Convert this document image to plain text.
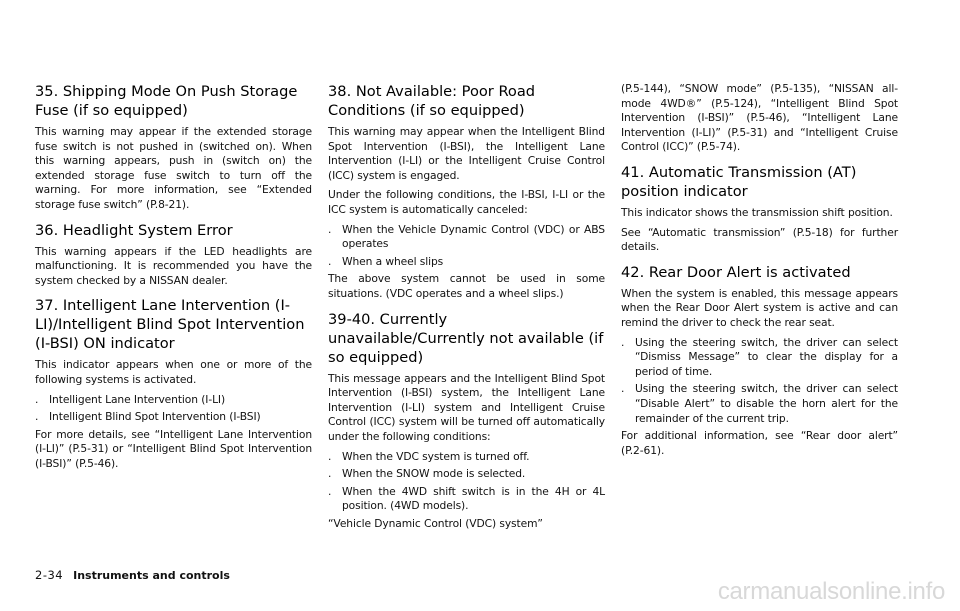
35. Shipping Mode On Push Storage Fuse (if so equipped)

This warning may appear if the extended storage fuse switch is not pushed in (switched on). When this warning appears, push in (switch on) the extended storage fuse switch to turn off the warning. For more information, see “Extended storage fuse switch” (P.8-21).

36. Headlight System Error

This warning appears if the LED headlights are malfunctioning. It is recommended you have the system checked by a NISSAN dealer.

37. Intelligent Lane Intervention (I-LI)/Intelligent Blind Spot Intervention (I-BSI) ON indicator

This indicator appears when one or more of the following systems is activated.

. Intelligent Lane Intervention (I-LI)

. Intelligent Blind Spot Intervention (I-BSI)

For more details, see “Intelligent Lane Intervention (I-LI)” (P.5-31) or “Intelligent Blind Spot Intervention (I-BSI)” (P.5-46).

38. Not Available: Poor Road Conditions (if so equipped)

This warning may appear when the Intelligent Blind Spot Intervention (I-BSI), the Intelligent Lane Intervention (I-LI) or the Intelligent Cruise Control (ICC) system is engaged.

Under the following conditions, the I-BSI, I-LI or the ICC system is automatically canceled:

. When the Vehicle Dynamic Control (VDC) or ABS operates

. When a wheel slips

The above system cannot be used in some situations. (VDC operates and a wheel slips.)

39-40. Currently unavailable/Currently not available (if so equipped)

This message appears and the Intelligent Blind Spot Intervention (I-BSI) system, the Intelligent Lane Intervention (I-LI) system and Intelligent Cruise Control (ICC) system will be turned off automatically under the following conditions:

. When the VDC system is turned off.

. When the SNOW mode is selected.

. When the 4WD shift switch is in the 4H or 4L position. (4WD models).

“Vehicle Dynamic Control (VDC) system”

(P.5-144), “SNOW mode” (P.5-135), “NISSAN all-mode 4WD®” (P.5-124), “Intelligent Blind Spot Intervention (I-BSI)” (P.5-46), “Intelligent Lane Intervention (I-LI)” (P.5-31) and “Intelligent Cruise Control (ICC)” (P.5-74).

41. Automatic Transmission (AT) position indicator

This indicator shows the transmission shift position.

See “Automatic transmission” (P.5-18) for further details.

42. Rear Door Alert is activated

When the system is enabled, this message appears when the Rear Door Alert system is active and can remind the driver to check the rear seat.

. Using the steering switch, the driver can select “Dismiss Message” to clear the display for a period of time.

. Using the steering switch, the driver can select “Disable Alert” to disable the horn alert for the remainder of the current trip.

For additional information, see “Rear door alert” (P.2-61).

2-34 Instruments and controls
carmanualsonline.info
